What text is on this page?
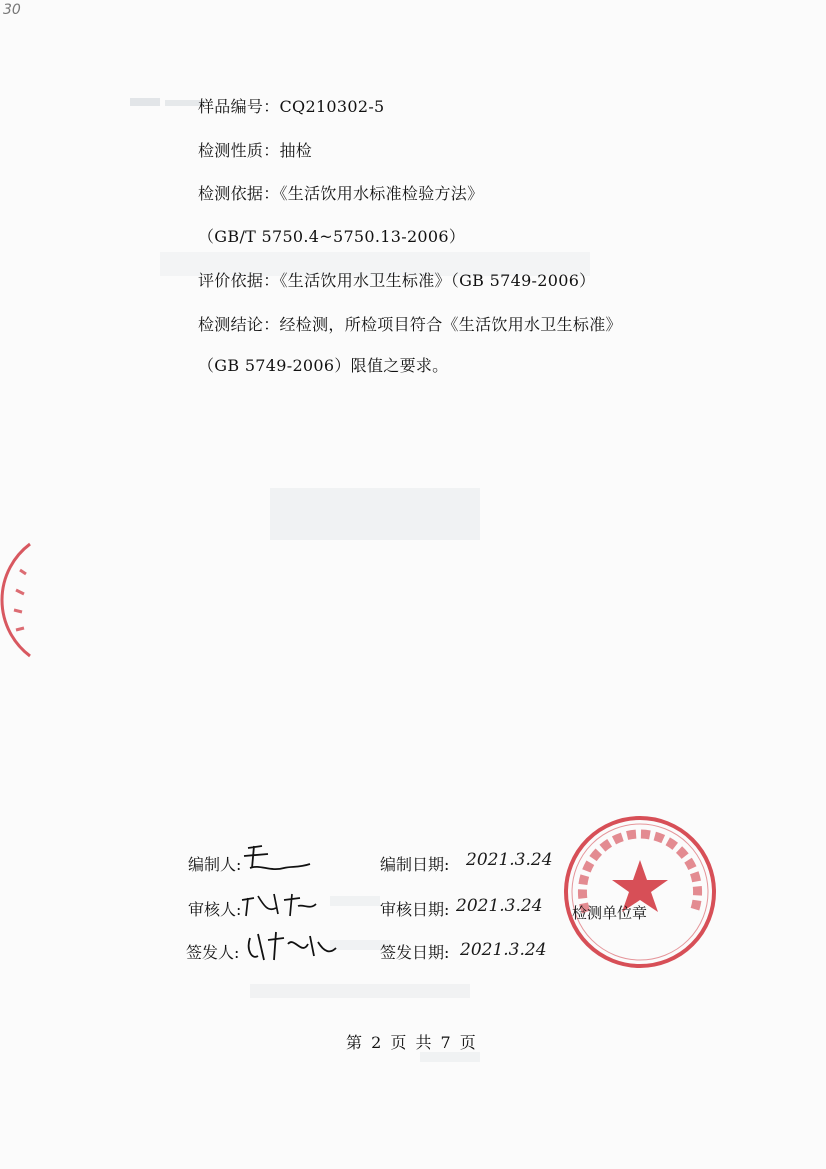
30
样品编号：CQ210302-5
检测性质：抽检
检测依据：《生活饮用水标准检验方法》
（GB/T 5750.4~5750.13-2006）
评价依据：《生活饮用水卫生标准》（GB 5749-2006）
检测结论：经检测，所检项目符合《生活饮用水卫生标准》
（GB 5749-2006）限值之要求。
编制人:	编制日期: 2021.3.24
审核人:	审核日期: 2021.3.24
签发人:	签发日期: 2021.3.24
检测单位章
第 2 页 共 7 页
